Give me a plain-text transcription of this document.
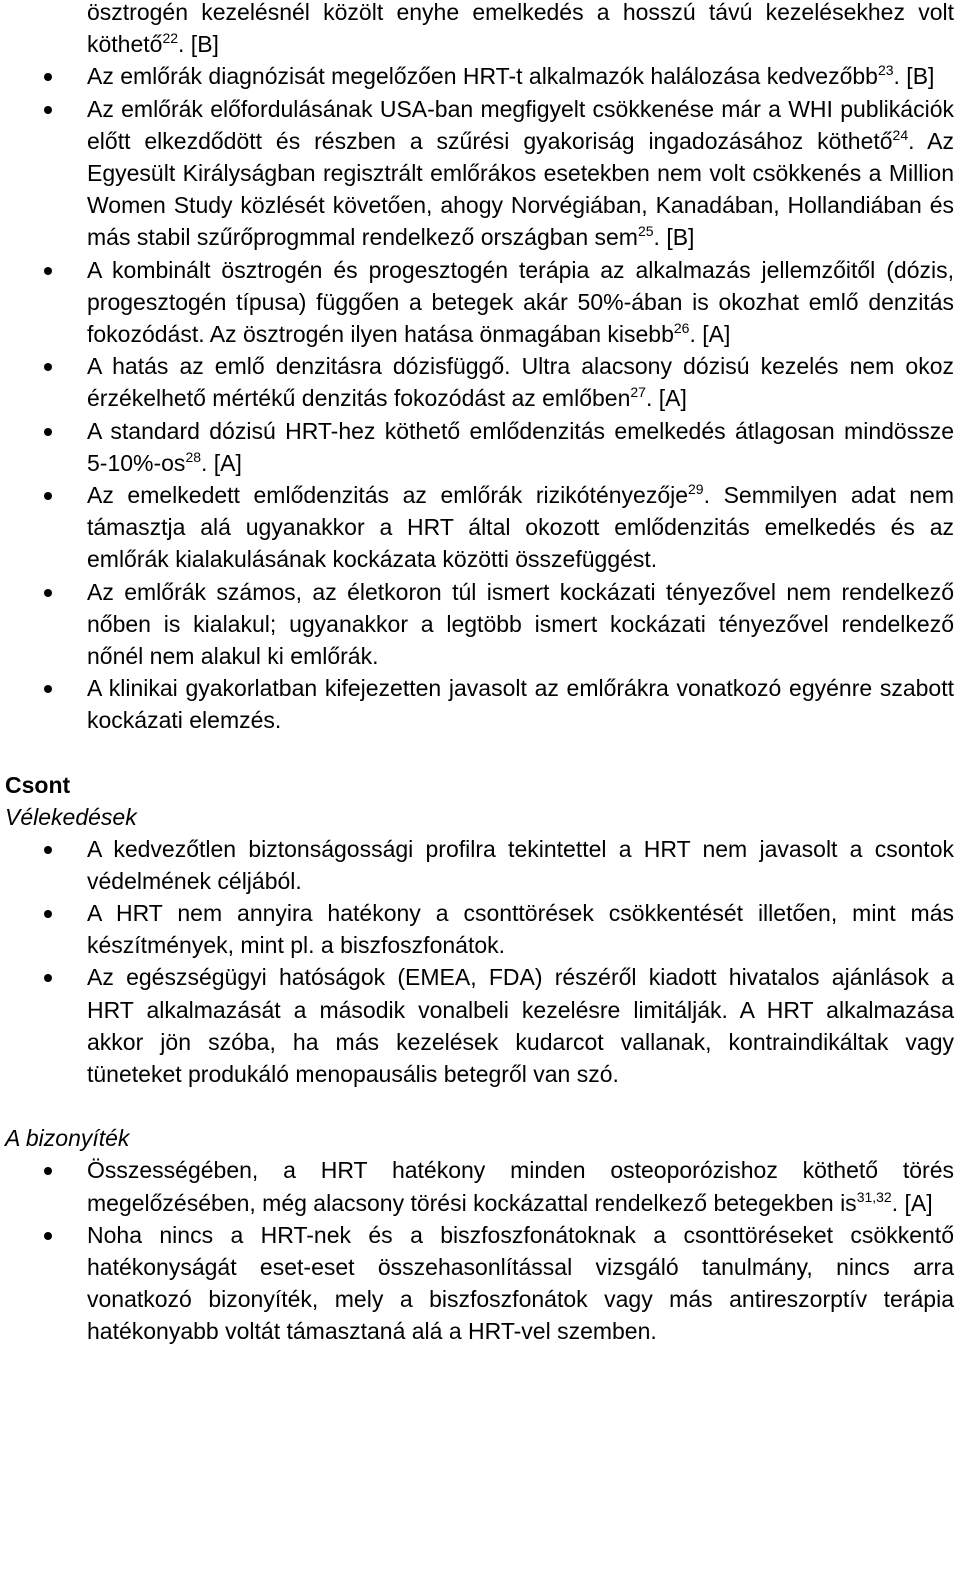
ösztrogén kezelésnél közölt enyhe emelkedés a hosszú távú kezelésekhez volt köthető$^{22}$. [B]
Az emlőrák diagnózisát megelőzően HRT-t alkalmazók halálozása kedvezőbb$^{23}$. [B]
Az emlőrák előfordulásának USA-ban megfigyelt csökkenése már a WHI publikációk előtt elkezdődött és részben a szűrési gyakoriság ingadozásához köthető$^{24}$. Az Egyesült Királyságban regisztrált emlőrákos esetekben nem volt csökkenés a Million Women Study közlését követően, ahogy Norvégiában, Kanadában, Hollandiában és más stabil szűrőprogmmal rendelkező országban sem$^{25}$. [B]
A kombinált ösztrogén és progesztogén terápia az alkalmazás jellemzőitől (dózis, progesztogén típusa) függően a betegek akár 50%-ában is okozhat emlő denzitás fokozódást. Az ösztrogén ilyen hatása önmagában kisebb$^{26}$. [A]
A hatás az emlő denzitásra dózisfüggő. Ultra alacsony dózisú kezelés nem okoz érzékelhető mértékű denzitás fokozódást az emlőben$^{27}$. [A]
A standard dózisú HRT-hez köthető emlődenzitás emelkedés átlagosan mindössze $5-10\%-os^{28}$. [A]
Az emelkedett emlődenzitás az emlőrák rizikótényezője$^{29}$. Semmilyen adat nem támasztja alá ugyanakkor a HRT által okozott emlődenzitás emelkedés és az emlőrák kialakulásának kockázata közötti összefüggést.
Az emlőrák számos, az életkoron túl ismert kockázati tényezővel nem rendelkező nőben is kialakul; ugyanakkor a legtöbb ismert kockázati tényezővel rendelkező nőnél nem alakul ki emlőrák.
A klinikai gyakorlatban kifejezetten javasolt az emlőrákra vonatkozó egyénre szabott kockázati elemzés.
Csont
Vélekedések
A kedvezőtlen biztonságossági profilra tekintettel a HRT nem javasolt a csontok védelmének céljából.
A HRT nem annyira hatékony a csonttörések csökkentését illetően, mint más készítmények, mint pl. a biszfoszfonátok.
Az egészségügyi hatóságok (EMEA, FDA) részéről kiadott hivatalos ajánlások a HRT alkalmazását a második vonalbeli kezelésre limitálják. A HRT alkalmazása akkor jön szóba, ha más kezelések kudarcot vallanak, kontraindikáltak vagy tüneteket produkáló menopausális betegről van szó.
A bizonyíték
Összességében, a HRT hatékony minden osteoporózishoz köthető törés megelőzésében, még alacsony törési kockázattal rendelkező betegekben is$^{31,32}$. [A]
Noha nincs a HRT-nek és a biszfoszfonátoknak a csonttöréseket csökkentő hatékonyságát eset-eset összehasonlítással vizsgáló tanulmány, nincs arra vonatkozó bizonyíték, mely a biszfoszfonátok vagy más antireszorptív terápia hatékonyabb voltát támasztaná alá a HRT-vel szemben.
